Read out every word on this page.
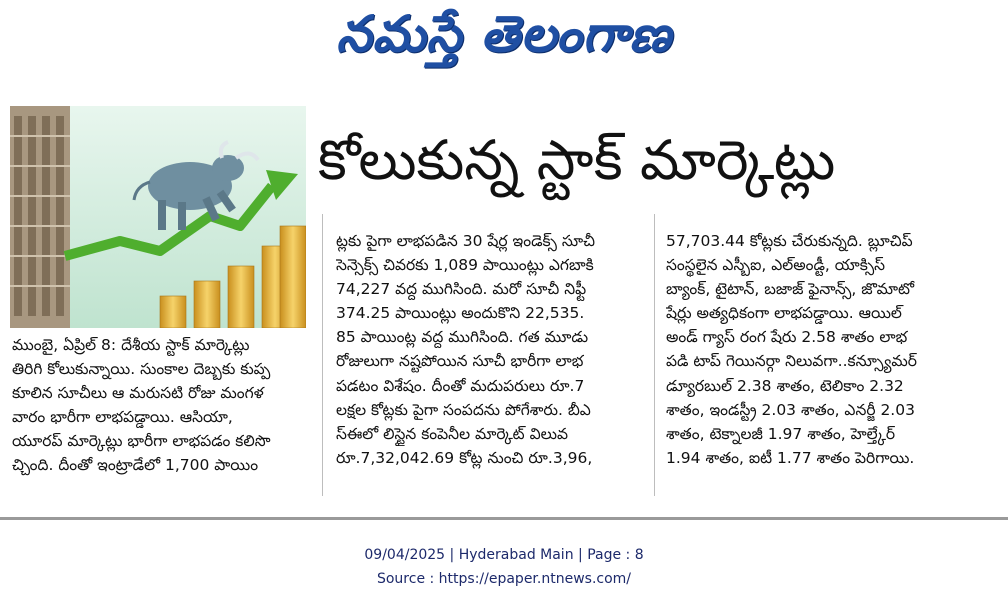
నమస్తే తెలంగాణ
కోలుకున్న స్టాక్ మార్కెట్లు
ట్లకు పైగా లాభపడిన 30 షేర్ల ఇండెక్స్ సూచీ
సెన్సెక్స్ చివరకు 1,089 పాయింట్లు ఎగబాకి
74,227 వద్ద ముగిసింది. మరో సూచీ నిఫ్టీ
374.25 పాయింట్లు అందుకొని 22,535.
85 పాయింట్ల వద్ద ముగిసింది. గత మూడు
రోజులుగా నష్టపోయిన సూచీ భారీగా లాభ
పడటం విశేషం. దీంతో మదుపరులు రూ.7
లక్షల కోట్లకు పైగా సంపదను పోగేశారు. బీఎ
స్ఈలో లిస్టైన కంపెనీల మార్కెట్ విలువ
రూ.7,32,042.69 కోట్ల నుంచి రూ.3,96,
57,703.44 కోట్లకు చేరుకున్నది. బ్లూచిప్
సంస్థలైన ఎస్బీఐ, ఎల్అండ్టీ, యాక్సిస్
బ్యాంక్, టైటాన్, బజాజ్ ఫైనాన్స్, జొమాటో
షేర్లు అత్యధికంగా లాభపడ్డాయి. ఆయిల్
అండ్ గ్యాస్ రంగ షేరు 2.58 శాతం లాభ
పడి టాప్ గెయినర్గా నిలువగా..కన్స్యూమర్
డ్యూరబుల్ 2.38 శాతం, టెలికాం 2.32
శాతం, ఇండస్ట్రీ 2.03 శాతం, ఎనర్జీ 2.03
శాతం, టెక్నాలజీ 1.97 శాతం, హెల్త్కేర్
1.94 శాతం, ఐటీ 1.77 శాతం పెరిగాయి.
ముంబై, ఏప్రిల్ 8: దేశీయ స్టాక్ మార్కెట్లు
తిరిగి కోలుకున్నాయి. సుంకాల దెబ్బకు కుప్ప
కూలిన సూచీలు ఆ మరుసటి రోజు మంగళ
వారం భారీగా లాభపడ్డాయి. ఆసియా,
యూరప్ మార్కెట్లు భారీగా లాభపడం కలిసొ
చ్చింది. దీంతో ఇంట్రాడేలో 1,700 పాయిం
09/04/2025 | Hyderabad Main | Page : 8
Source : https://epaper.ntnews.com/
